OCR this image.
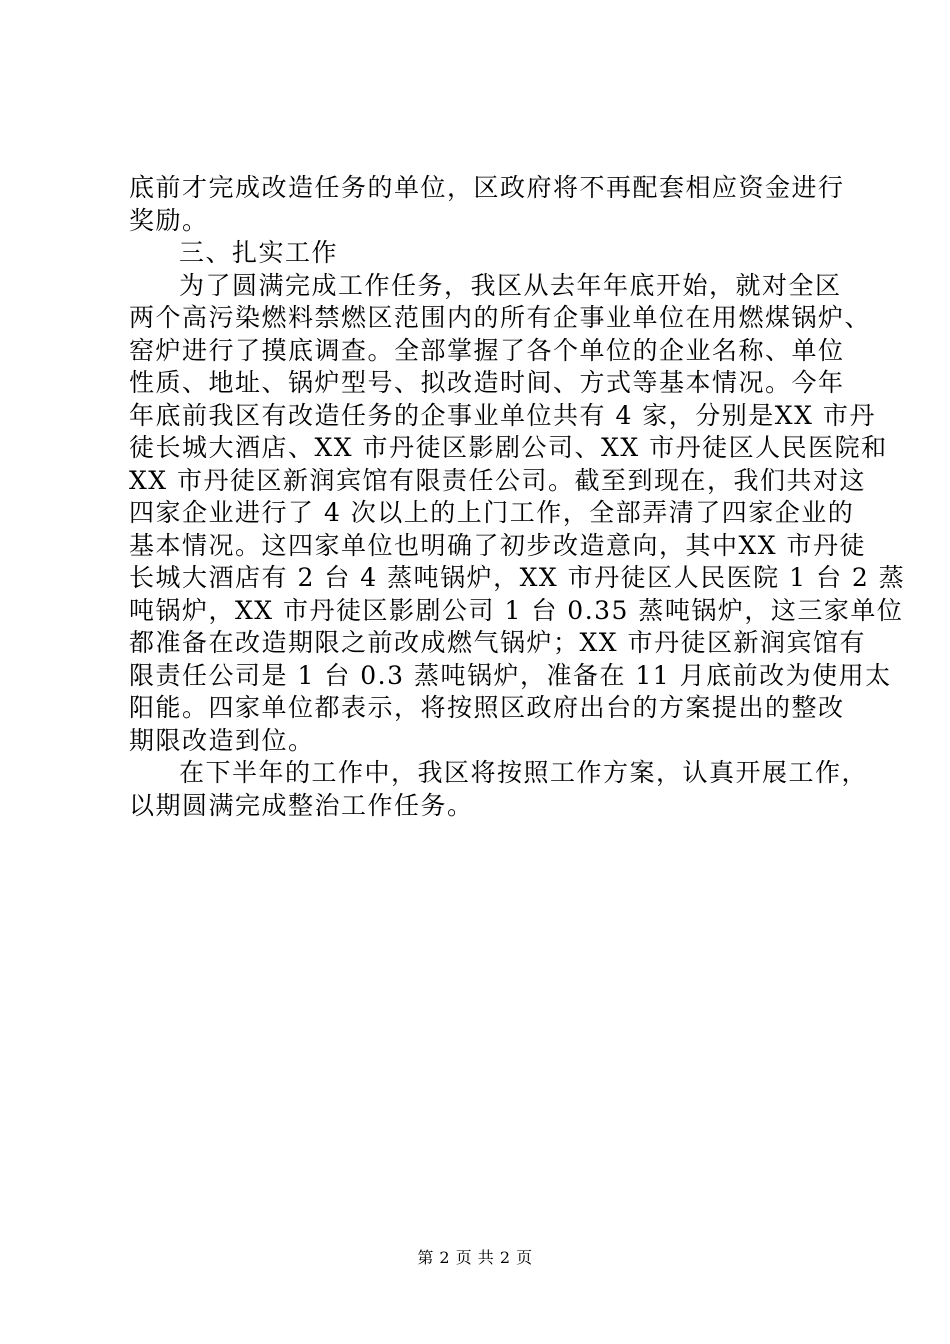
底前才完成改造任务的单位，区政府将不再配套相应资金进行
奖励。
三、扎实工作
为了圆满完成工作任务，我区从去年年底开始，就对全区
两个高污染燃料禁燃区范围内的所有企事业单位在用燃煤锅炉、
窑炉进行了摸底调查。全部掌握了各个单位的企业名称、单位
性质、地址、锅炉型号、拟改造时间、方式等基本情况。今年
年底前我区有改造任务的企事业单位共有 4 家，分别是XX 市丹
徒长城大酒店、XX 市丹徒区影剧公司、XX 市丹徒区人民医院和
XX 市丹徒区新润宾馆有限责任公司。截至到现在，我们共对这
四家企业进行了 4 次以上的上门工作，全部弄清了四家企业的
基本情况。这四家单位也明确了初步改造意向，其中XX 市丹徒
长城大酒店有 2 台 4 蒸吨锅炉，XX 市丹徒区人民医院 1 台 2 蒸
吨锅炉，XX 市丹徒区影剧公司 1 台 0.35 蒸吨锅炉，这三家单位
都准备在改造期限之前改成燃气锅炉；XX 市丹徒区新润宾馆有
限责任公司是 1 台 0.3 蒸吨锅炉，准备在 11 月底前改为使用太
阳能。四家单位都表示，将按照区政府出台的方案提出的整改
期限改造到位。
在下半年的工作中，我区将按照工作方案，认真开展工作，
以期圆满完成整治工作任务。
第 2 页 共 2 页
